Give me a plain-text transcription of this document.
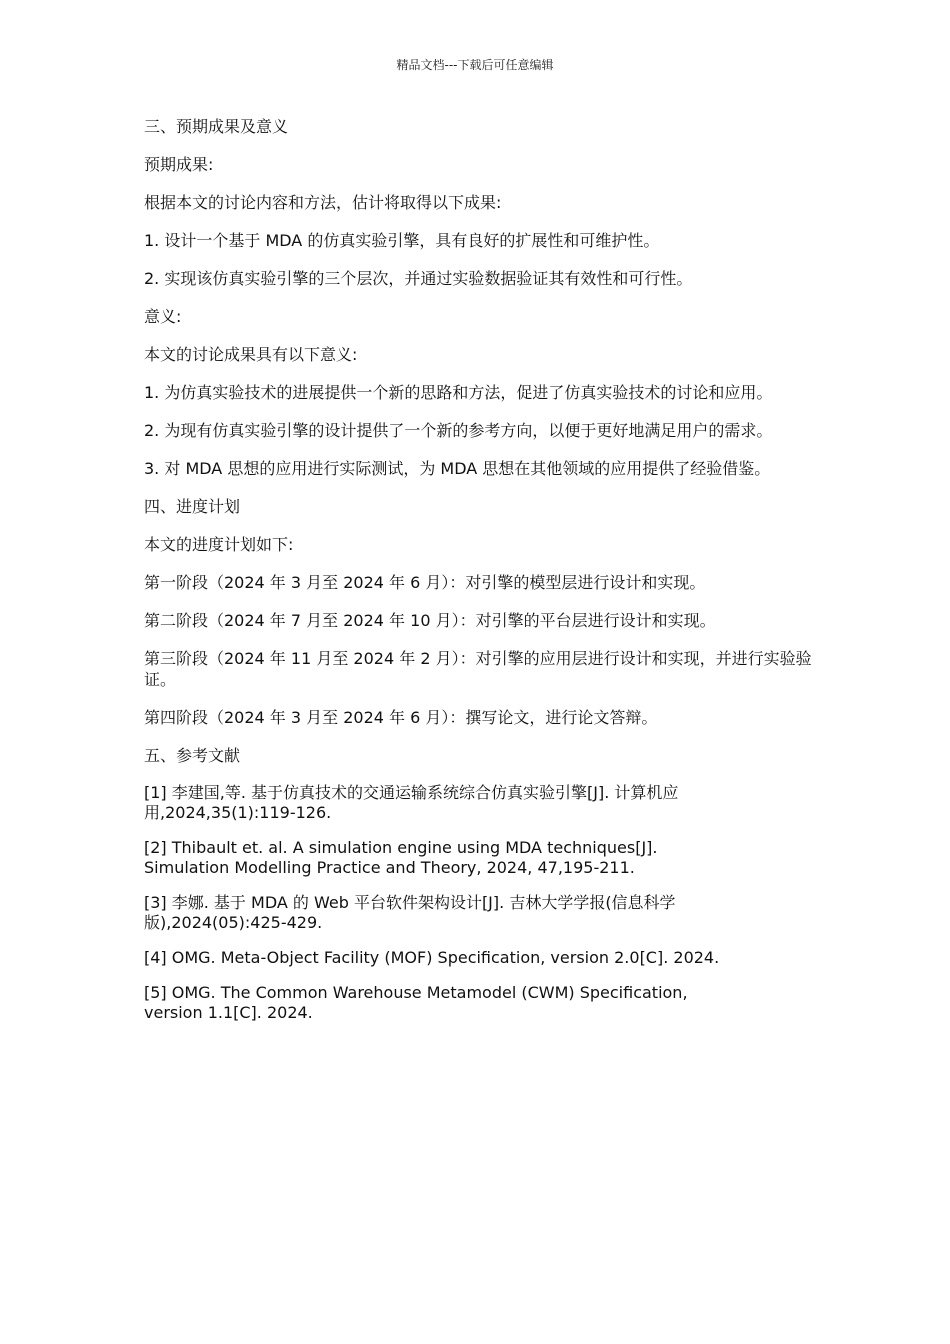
精品文档---下载后可任意编辑

三、预期成果及意义

预期成果:

根据本文的讨论内容和方法，估计将取得以下成果:

1. 设计一个基于 MDA 的仿真实验引擎，具有良好的扩展性和可维护性。

2. 实现该仿真实验引擎的三个层次，并通过实验数据验证其有效性和可行性。

意义:

本文的讨论成果具有以下意义:

1. 为仿真实验技术的进展提供一个新的思路和方法，促进了仿真实验技术的讨论和应用。

2. 为现有仿真实验引擎的设计提供了一个新的参考方向，以便于更好地满足用户的需求。

3. 对 MDA 思想的应用进行实际测试，为 MDA 思想在其他领域的应用提供了经验借鉴。

四、进度计划

本文的进度计划如下:

第一阶段（2024 年 3 月至 2024 年 6 月）：对引擎的模型层进行设计和实现。

第二阶段（2024 年 7 月至 2024 年 10 月）：对引擎的平台层进行设计和实现。

第三阶段（2024 年 11 月至 2024 年 2 月）：对引擎的应用层进行设计和实现，并进行实验验证。

第四阶段（2024 年 3 月至 2024 年 6 月）：撰写论文，进行论文答辩。

五、参考文献

[1] 李建国,等. 基于仿真技术的交通运输系统综合仿真实验引擎[J]. 计算机应
用,2024,35(1):119-126.

[2] Thibault et. al. A simulation engine using MDA techniques[J].
Simulation Modelling Practice and Theory, 2024, 47,195-211.

[3] 李娜. 基于 MDA 的 Web 平台软件架构设计[J]. 吉林大学学报(信息科学
版),2024(05):425-429.

[4] OMG. Meta-Object Facility (MOF) Specification, version 2.0[C]. 2024.

[5] OMG. The Common Warehouse Metamodel (CWM) Specification,
version 1.1[C]. 2024.
